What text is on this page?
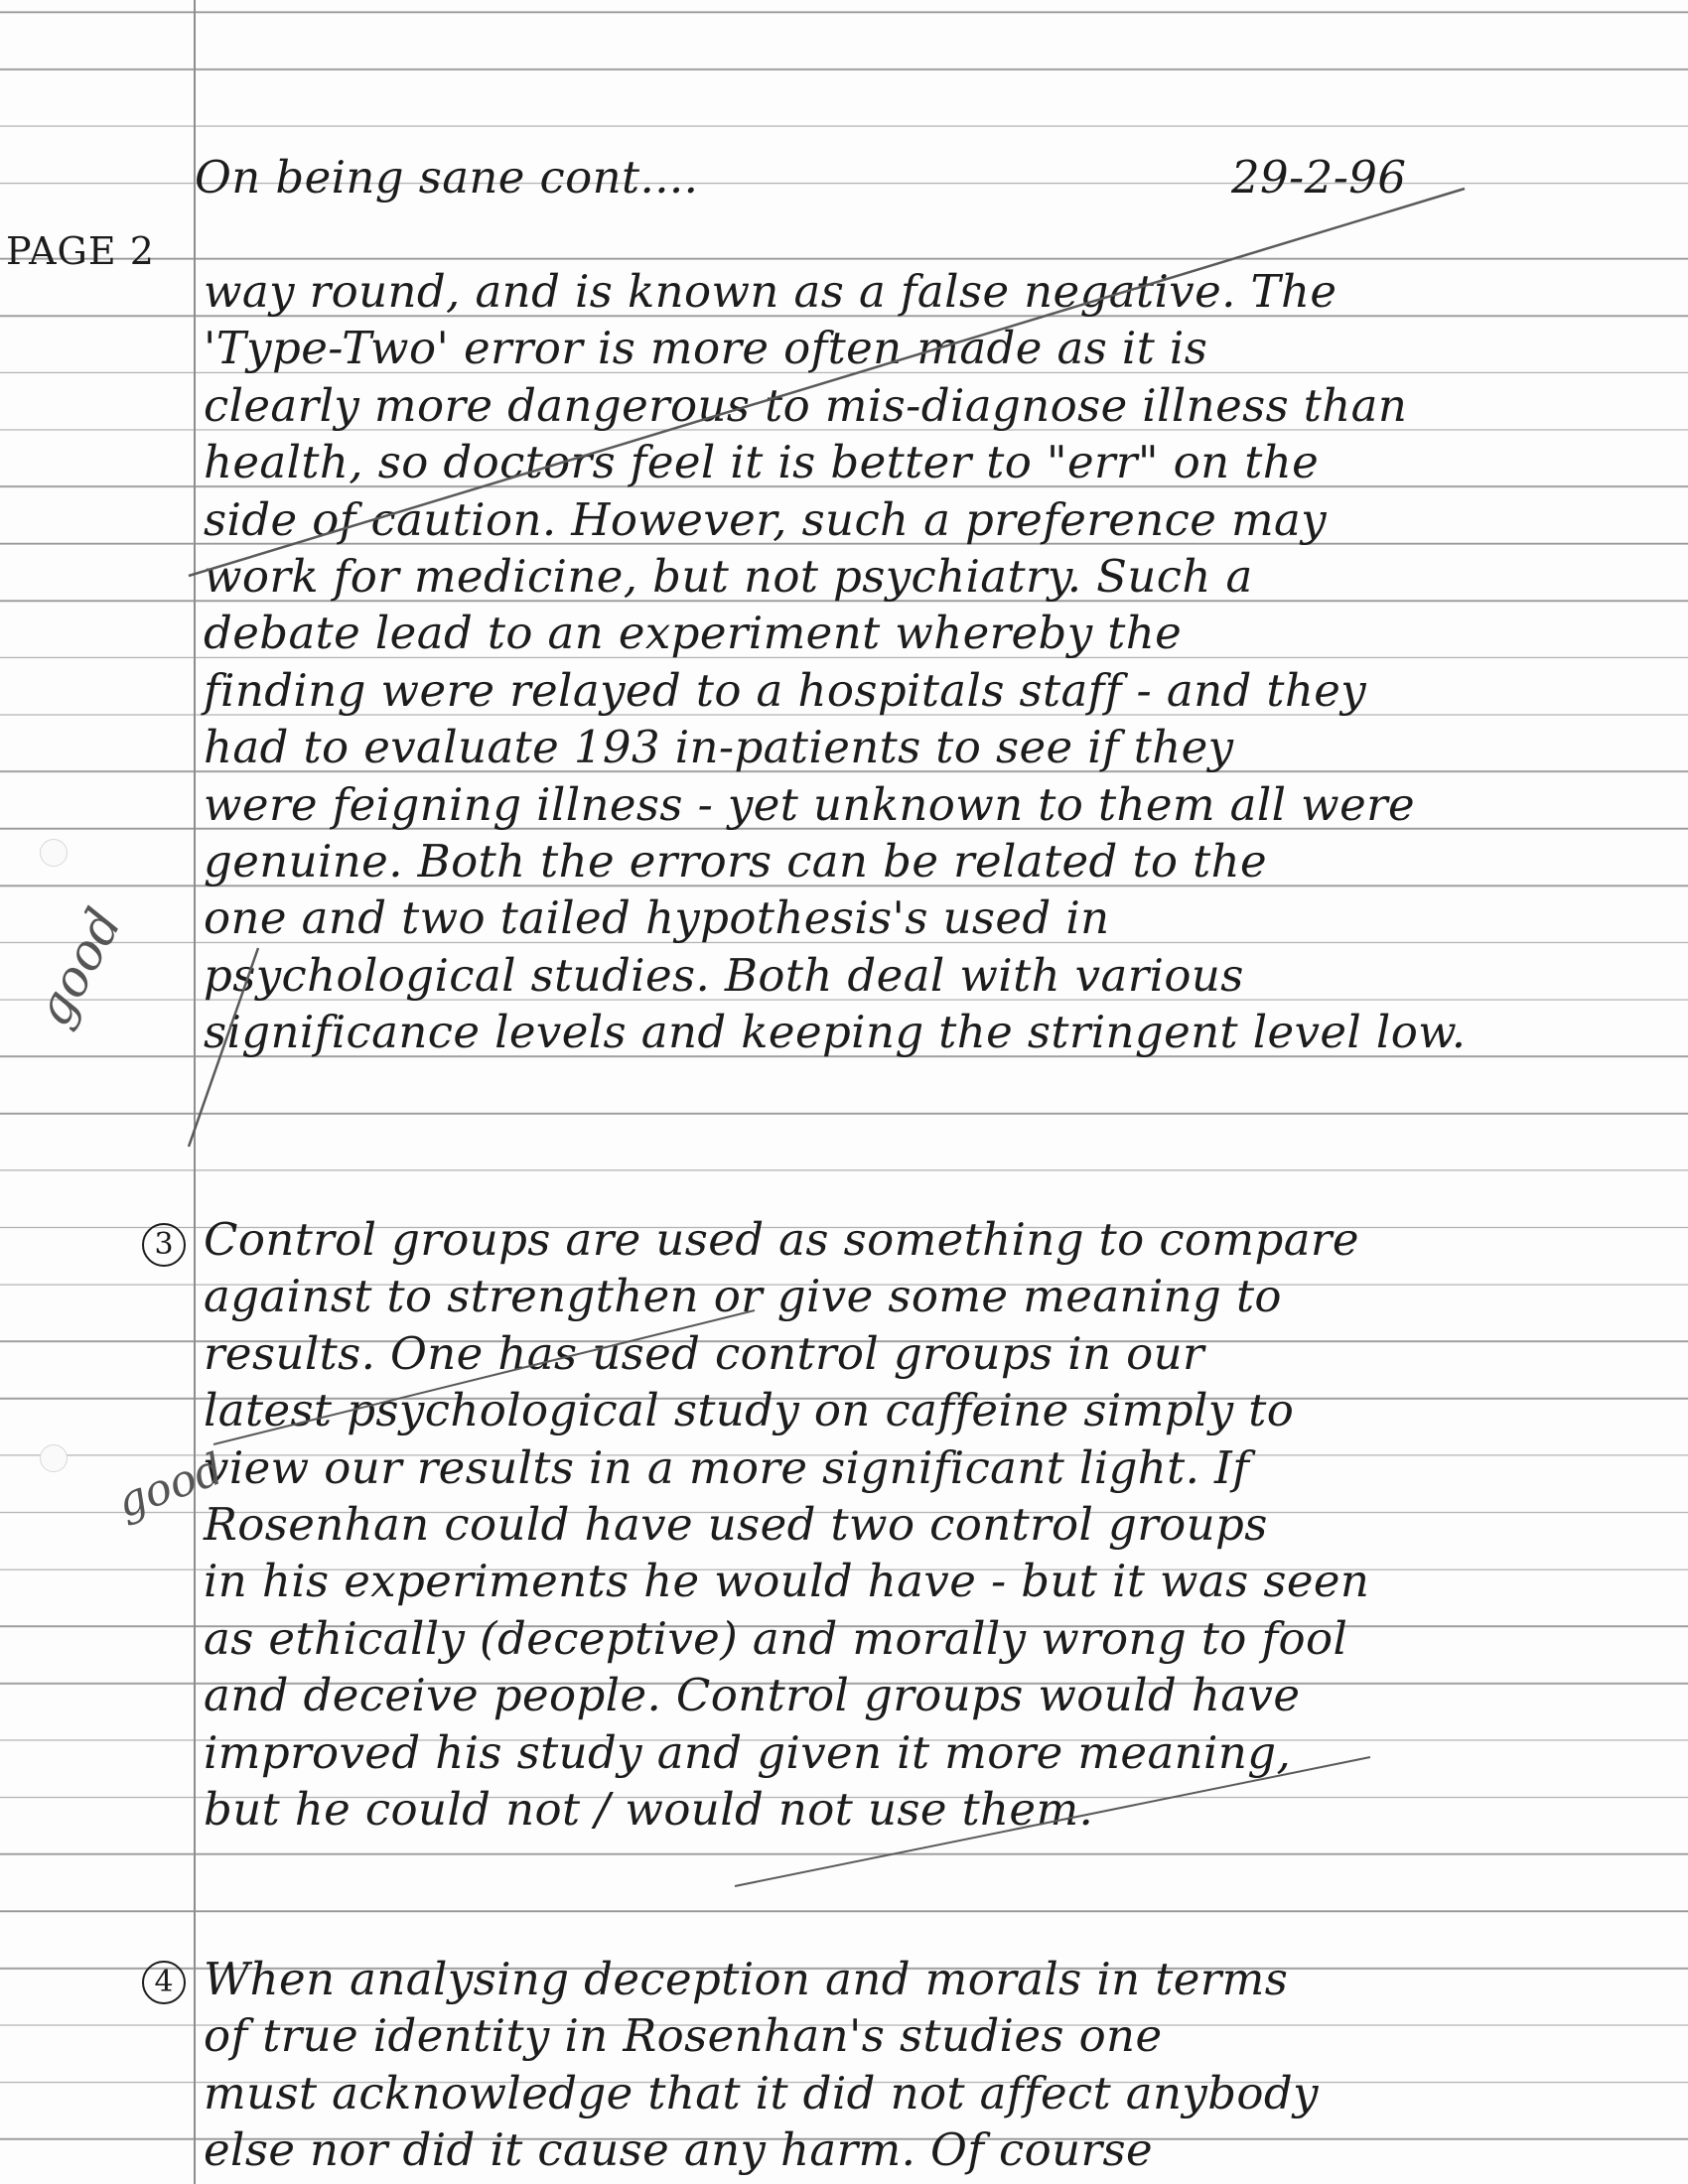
On being sane cont....	29-2-96
PAGE 2
way round, and is known as a false negative. The
'Type-Two' error is more often made as it is
clearly more dangerous to mis-diagnose illness than
health, so doctors feel it is better to "err" on the
side of caution. However, such a preference may
work for medicine, but not psychiatry. Such a
debate lead to an experiment whereby the
finding were relayed to a hospitals staff - and they
had to evaluate 193 in-patients to see if they
were feigning illness - yet unknown to them all were
genuine. Both the errors can be related to the
one and two tailed hypothesis's used in
psychological studies. Both deal with various
significance levels and keeping the stringent level low.
3 Control groups are used as something to compare
against to strengthen or give some meaning to
results. One has used control groups in our
latest psychological study on caffeine simply to
view our results in a more significant light. If
Rosenhan could have used two control groups
in his experiments he would have - but it was seen
as ethically (deceptive) and morally wrong to fool
and deceive people. Control groups would have
improved his study and given it more meaning,
but he could not / would not use them.
4 When analysing deception and morals in terms
of true identity in Rosenhan's studies one
must acknowledge that it did not affect anybody
else nor did it cause any harm. Of course
good
good
